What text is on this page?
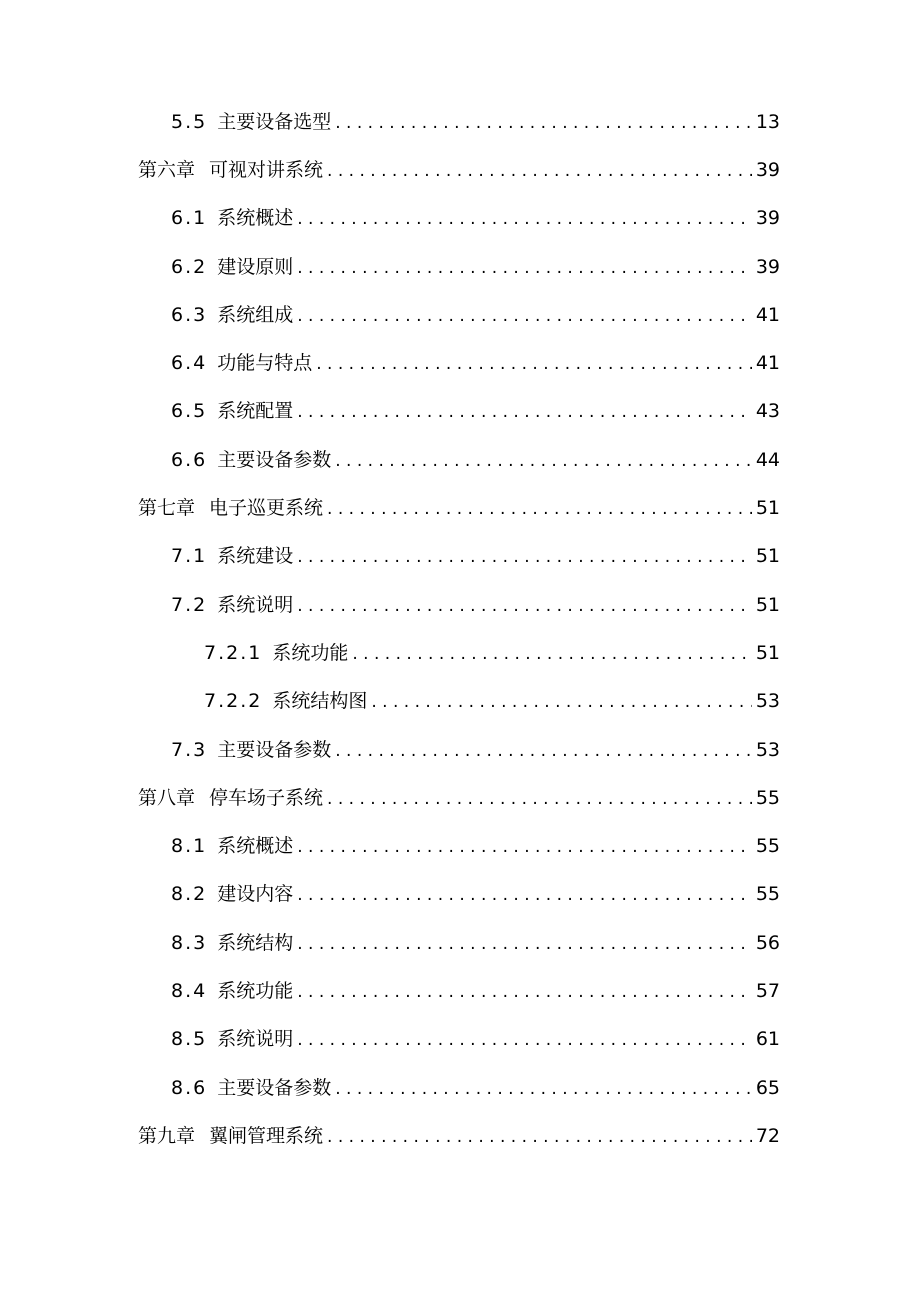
5.5 主要设备选型 . . .	13
第六章 可视对讲系统 . . .	39
6.1 系统概述 . . .	39
6.2 建设原则 . . .	39
6.3 系统组成 . . .	41
6.4 功能与特点 . . .	41
6.5 系统配置 . . .	43
6.6 主要设备参数 . . .	44
第七章 电子巡更系统 . . .	51
7.1 系统建设 . . .	51
7.2 系统说明 . . .	51
7.2.1 系统功能 . . .	51
7.2.2 系统结构图 . . .	53
7.3 主要设备参数 . . .	53
第八章 停车场子系统 . . .	55
8.1 系统概述 . . .	55
8.2 建设内容 . . .	55
8.3 系统结构 . . .	56
8.4 系统功能 . . .	57
8.5 系统说明 . . .	61
8.6 主要设备参数 . . .	65
第九章 翼闸管理系统 . . .	72
